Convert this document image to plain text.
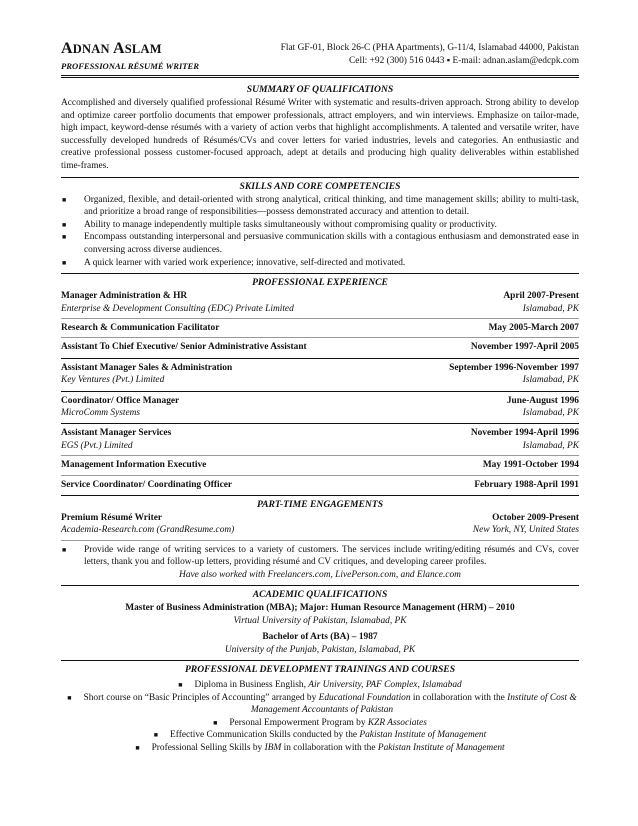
ADNAN ASLAM
PROFESSIONAL RÉSUMÉ WRITER
Flat GF-01, Block 26-C (PHA Apartments), G-11/4, Islamabad 44000, Pakistan
Cell: +92 (300) 516 0443 ▪ E-mail: adnan.aslam@edcpk.com
SUMMARY OF QUALIFICATIONS

Accomplished and diversely qualified professional Résumé Writer with systematic and results-driven approach. Strong ability to develop and optimize career portfolio documents that empower professionals, attract employers, and win interviews. Emphasize on tailor-made, high impact, keyword-dense résumés with a variety of action verbs that highlight accomplishments. A talented and versatile writer, have successfully developed hundreds of Résumés/CVs and cover letters for varied industries, levels and categories. An enthusiastic and creative professional possess customer-focused approach, adept at details and producing high quality deliverables within established time-frames.

SKILLS AND CORE COMPETENCIES
■ Organized, flexible, and detail-oriented with strong analytical, critical thinking, and time management skills; ability to multi-task, and prioritize a broad range of responsibilities—possess demonstrated accuracy and attention to detail.
■ Ability to manage independently multiple tasks simultaneously without compromising quality or productivity.
■ Encompass outstanding interpersonal and persuasive communication skills with a contagious enthusiasm and demonstrated ease in conversing across diverse audiences.
■ A quick learner with varied work experience; innovative, self-directed and motivated.
PROFESSIONAL EXPERIENCE
Manager Administration & HR	April 2007-Present
Enterprise & Development Consulting (EDC) Private Limited	Islamabad, PK
Research & Communication Facilitator	May 2005-March 2007
Assistant To Chief Executive/ Senior Administrative Assistant	November 1997-April 2005
Assistant Manager Sales & Administration	September 1996-November 1997
Key Ventures (Pvt.) Limited	Islamabad, PK
Coordinator/ Office Manager	June-August 1996
MicroComm Systems	Islamabad, PK
Assistant Manager Services	November 1994-April 1996
EGS (Pvt.) Limited	Islamabad, PK
Management Information Executive	May 1991-October 1994
Service Coordinator/ Coordinating Officer	February 1988-April 1991
PART-TIME ENGAGEMENTS
Premium Résumé Writer	October 2009-Present
Academia-Research.com (GrandResume.com)	New York, NY, United States
■ Provide wide range of writing services to a variety of customers. The services include writing/editing résumés and CVs, cover letters, thank you and follow-up letters, providing résumé and CV critiques, and developing career profiles.
Have also worked with Freelancers.com, LivePerson.com, and Elance.com
ACADEMIC QUALIFICATIONS
Master of Business Administration (MBA); Major: Human Resource Management (HRM) – 2010
Virtual University of Pakistan, Islamabad, PK
Bachelor of Arts (BA) – 1987
University of the Punjab, Pakistan, Islamabad, PK
PROFESSIONAL DEVELOPMENT TRAININGS AND COURSES
■ Diploma in Business English, Air University, PAF Complex, Islamabad
■ Short course on “Basic Principles of Accounting” arranged by Educational Foundation in collaboration with the Institute of Cost & Management Accountants of Pakistan
■ Personal Empowerment Program by KZR Associates
■ Effective Communication Skills conducted by the Pakistan Institute of Management
■ Professional Selling Skills by IBM in collaboration with the Pakistan Institute of Management
